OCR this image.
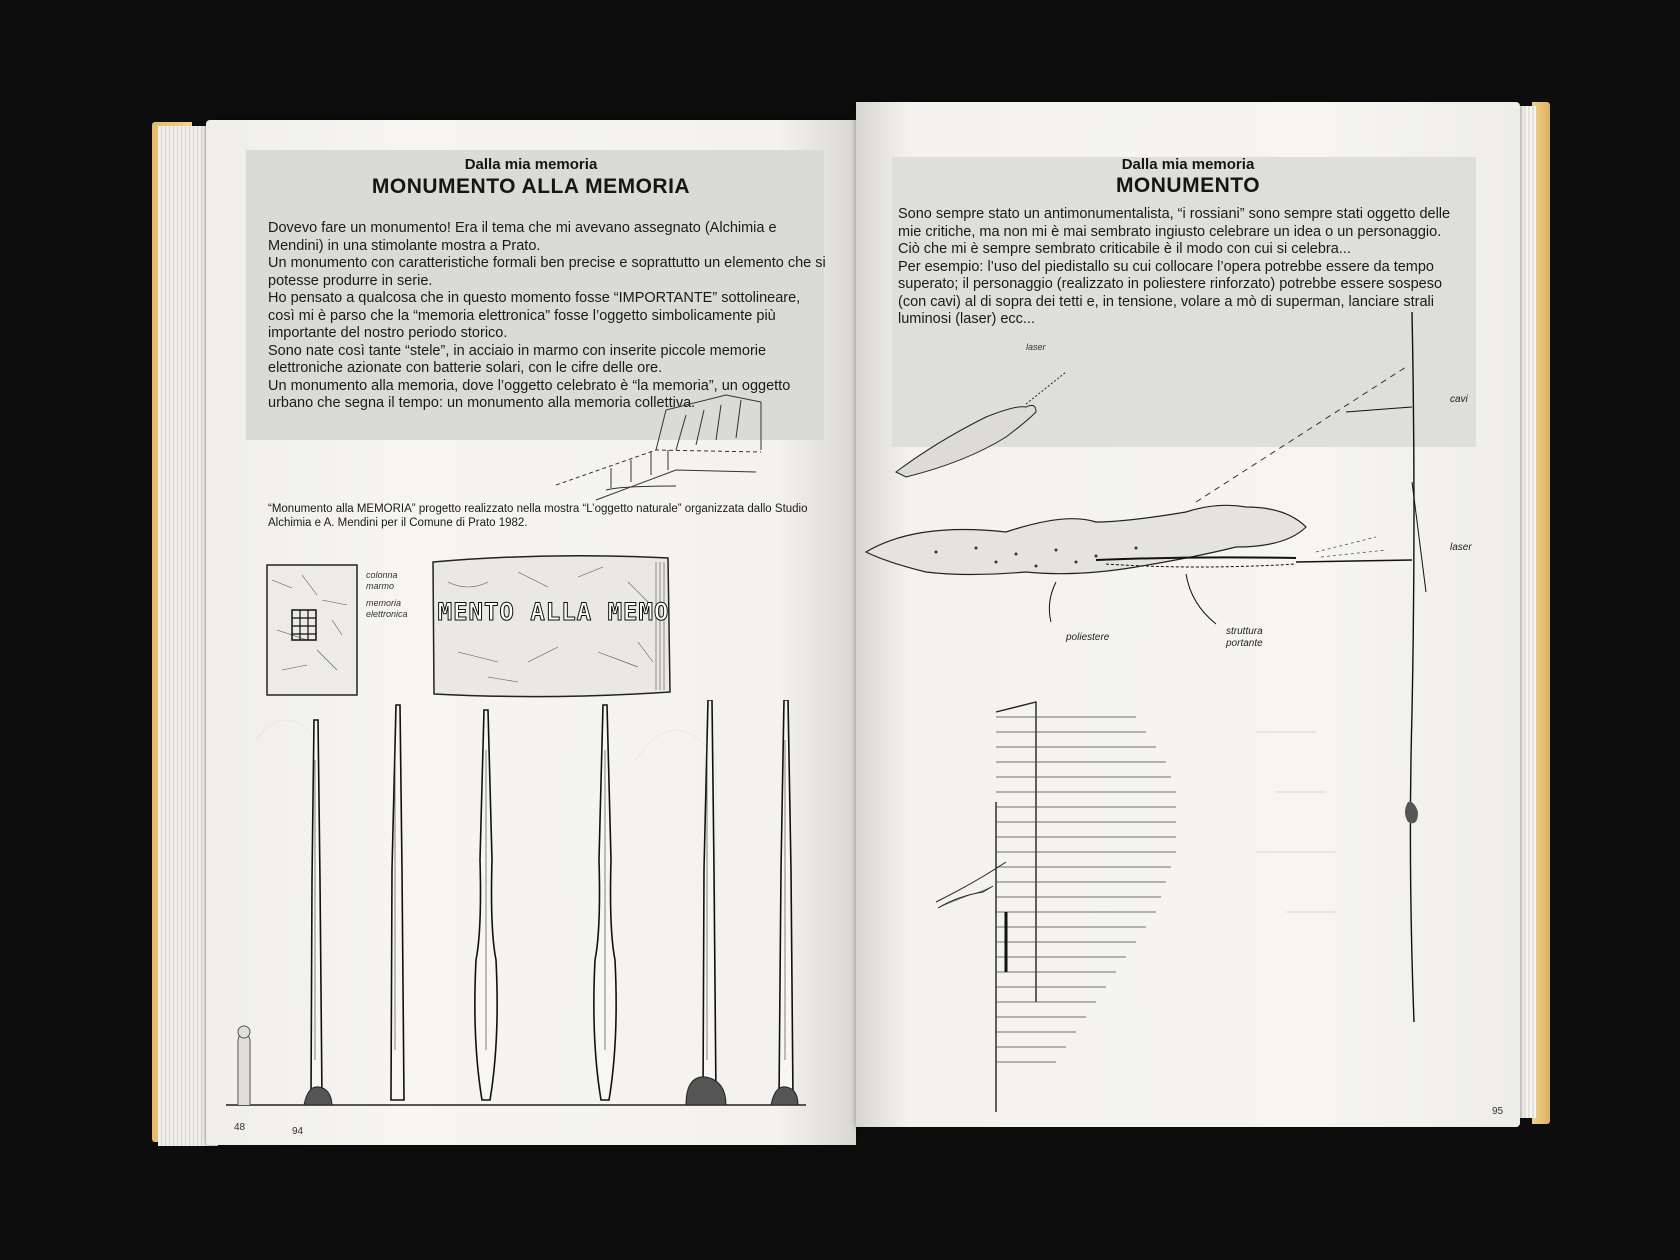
Dalla mia memoria
MONUMENTO ALLA MEMORIA

Dovevo fare un monumento! Era il tema che mi avevano assegnato (Alchimia e Mendini) in una stimolante mostra a Prato.

Un monumento con caratteristiche formali ben precise e soprattutto un elemento che si potesse produrre in serie.

Ho pensato a qualcosa che in questo momento fosse “IMPORTANTE” sottolineare, così mi è parso che la “memoria elettronica” fosse l’oggetto simbolicamente più importante del nostro periodo storico.

Sono nate così tante “stele”, in acciaio in marmo con inserite piccole memorie elettroniche azionate con batterie solari, con le cifre delle ore.

Un monumento alla memoria, dove l’oggetto celebrato è “la memoria”, un oggetto urbano che segna il tempo: un monumento alla memoria collettiva.

“Monumento alla MEMORIA” progetto realizzato nella mostra “L’oggetto naturale” organizzata dallo Studio Alchimia e A. Mendini per il Comune di Prato 1982.
colonna marmo
memoria elettronica	MENTO ALLA MEMO
48	94
Dalla mia memoria
MONUMENTO

Sono sempre stato un antimonumentalista, “i rossiani” sono sempre stati oggetto delle mie critiche, ma non mi è mai sembrato ingiusto celebrare un idea o un personaggio.

Ciò che mi è sempre sembrato criticabile è il modo con cui si celebra...

Per esempio: l’uso del piedistallo su cui collocare l’opera potrebbe essere da tempo superato; il personaggio (realizzato in poliestere rinforzato) potrebbe essere sospeso (con cavi) al di sopra dei tetti e, in tensione, volare a mò di superman, lanciare strali luminosi (laser) ecc...

laser
poliestere
struttura portante
cavi
laser
95
